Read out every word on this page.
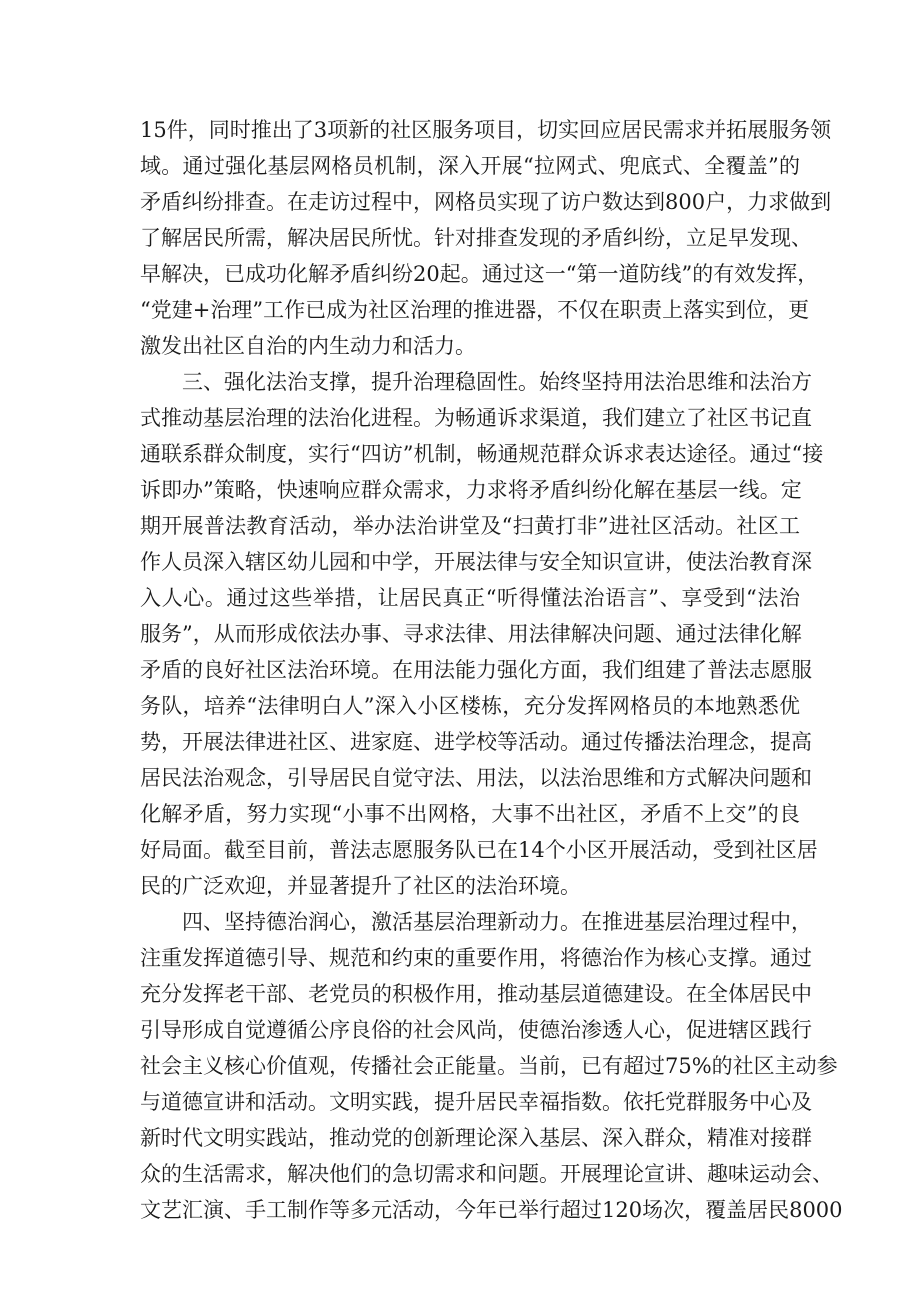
15件，同时推出了3项新的社区服务项目，切实回应居民需求并拓展服务领
域。通过强化基层网格员机制，深入开展“拉网式、兜底式、全覆盖”的
矛盾纠纷排查。在走访过程中，网格员实现了访户数达到800户，力求做到
了解居民所需，解决居民所忧。针对排查发现的矛盾纠纷，立足早发现、
早解决，已成功化解矛盾纠纷20起。通过这一“第一道防线”的有效发挥，
“党建+治理”工作已成为社区治理的推进器，不仅在职责上落实到位，更
激发出社区自治的内生动力和活力。
三、强化法治支撑，提升治理稳固性。始终坚持用法治思维和法治方
式推动基层治理的法治化进程。为畅通诉求渠道，我们建立了社区书记直
通联系群众制度，实行“四访”机制，畅通规范群众诉求表达途径。通过“接
诉即办”策略，快速响应群众需求，力求将矛盾纠纷化解在基层一线。定
期开展普法教育活动，举办法治讲堂及“扫黄打非”进社区活动。社区工
作人员深入辖区幼儿园和中学，开展法律与安全知识宣讲，使法治教育深
入人心。通过这些举措，让居民真正“听得懂法治语言”、享受到“法治
服务”，从而形成依法办事、寻求法律、用法律解决问题、通过法律化解
矛盾的良好社区法治环境。在用法能力强化方面，我们组建了普法志愿服
务队，培养“法律明白人”深入小区楼栋，充分发挥网格员的本地熟悉优
势，开展法律进社区、进家庭、进学校等活动。通过传播法治理念，提高
居民法治观念，引导居民自觉守法、用法，以法治思维和方式解决问题和
化解矛盾，努力实现“小事不出网格，大事不出社区，矛盾不上交”的良
好局面。截至目前，普法志愿服务队已在14个小区开展活动，受到社区居
民的广泛欢迎，并显著提升了社区的法治环境。
四、坚持德治润心，激活基层治理新动力。在推进基层治理过程中，
注重发挥道德引导、规范和约束的重要作用，将德治作为核心支撑。通过
充分发挥老干部、老党员的积极作用，推动基层道德建设。在全体居民中
引导形成自觉遵循公序良俗的社会风尚，使德治渗透人心，促进辖区践行
社会主义核心价值观，传播社会正能量。当前，已有超过75%的社区主动参
与道德宣讲和活动。文明实践，提升居民幸福指数。依托党群服务中心及
新时代文明实践站，推动党的创新理论深入基层、深入群众，精准对接群
众的生活需求，解决他们的急切需求和问题。开展理论宣讲、趣味运动会、
文艺汇演、手工制作等多元活动，今年已举行超过120场次，覆盖居民8000
